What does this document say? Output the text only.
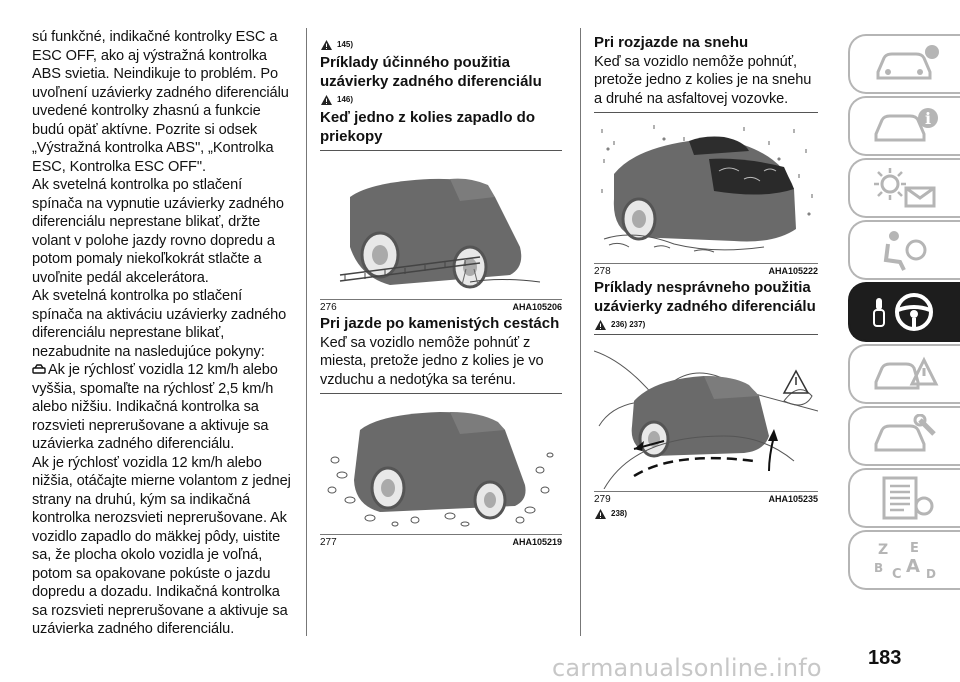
sú funkčné, indikačné kontrolky ESC a ESC OFF, ako aj výstražná kontrolka ABS svietia. Neindikuje to problém. Po uvoľnení uzávierky zadného diferenciálu uvedené kontrolky zhasnú a funkcie budú opäť aktívne. Pozrite si odsek „Výstražná kontrolka ABS", „Kontrolka ESC, Kontrolka ESC OFF".

Ak svetelná kontrolka po stlačení spínača na vypnutie uzávierky zadného diferenciálu neprestane blikať, držte volant v polohe jazdy rovno dopredu a potom pomaly niekoľkokrát stlačte a uvoľnite pedál akcelerátora.

Ak svetelná kontrolka po stlačení spínača na aktiváciu uzávierky zadného diferenciálu neprestane blikať, nezabudnite na nasledujúce pokyny:

Ak je rýchlosť vozidla 12 km/h alebo vyššia, spomaľte na rýchlosť 2,5 km/h alebo nižšiu. Indikačná kontrolka sa rozsvieti neprerušovane a aktivuje sa uzávierka zadného diferenciálu.

Ak je rýchlosť vozidla 12 km/h alebo nižšia, otáčajte mierne volantom z jednej strany na druhú, kým sa indikačná kontrolka nerozsvieti neprerušovane. Ak vozidlo zapadlo do mäkkej pôdy, uistite sa, že plocha okolo vozidla je voľná, potom sa opakovane pokúste o jazdu dopredu a dozadu. Indikačná kontrolka sa rozsvieti neprerušovane a aktivuje sa uzávierka zadného diferenciálu.

145)

Príklady účinného použitia uzávierky zadného diferenciálu

146)

Keď jedno z kolies zapadlo do priekopy

276	AHA105206

Pri jazde po kamenistých cestách

Keď sa vozidlo nemôže pohnúť z miesta, pretože jedno z kolies je vo vzduchu a nedotýka sa terénu.

277	AHA105219

Pri rozjazde na snehu

Keď sa vozidlo nemôže pohnúť, pretože jedno z kolies je na snehu a druhé na asfaltovej vozovke.

278	AHA105222

Príklady nesprávneho použitia uzávierky zadného diferenciálu

236) 237)
279	AHA105235
238)
i
Z E
B C A D
183
carmanualsonline.info
